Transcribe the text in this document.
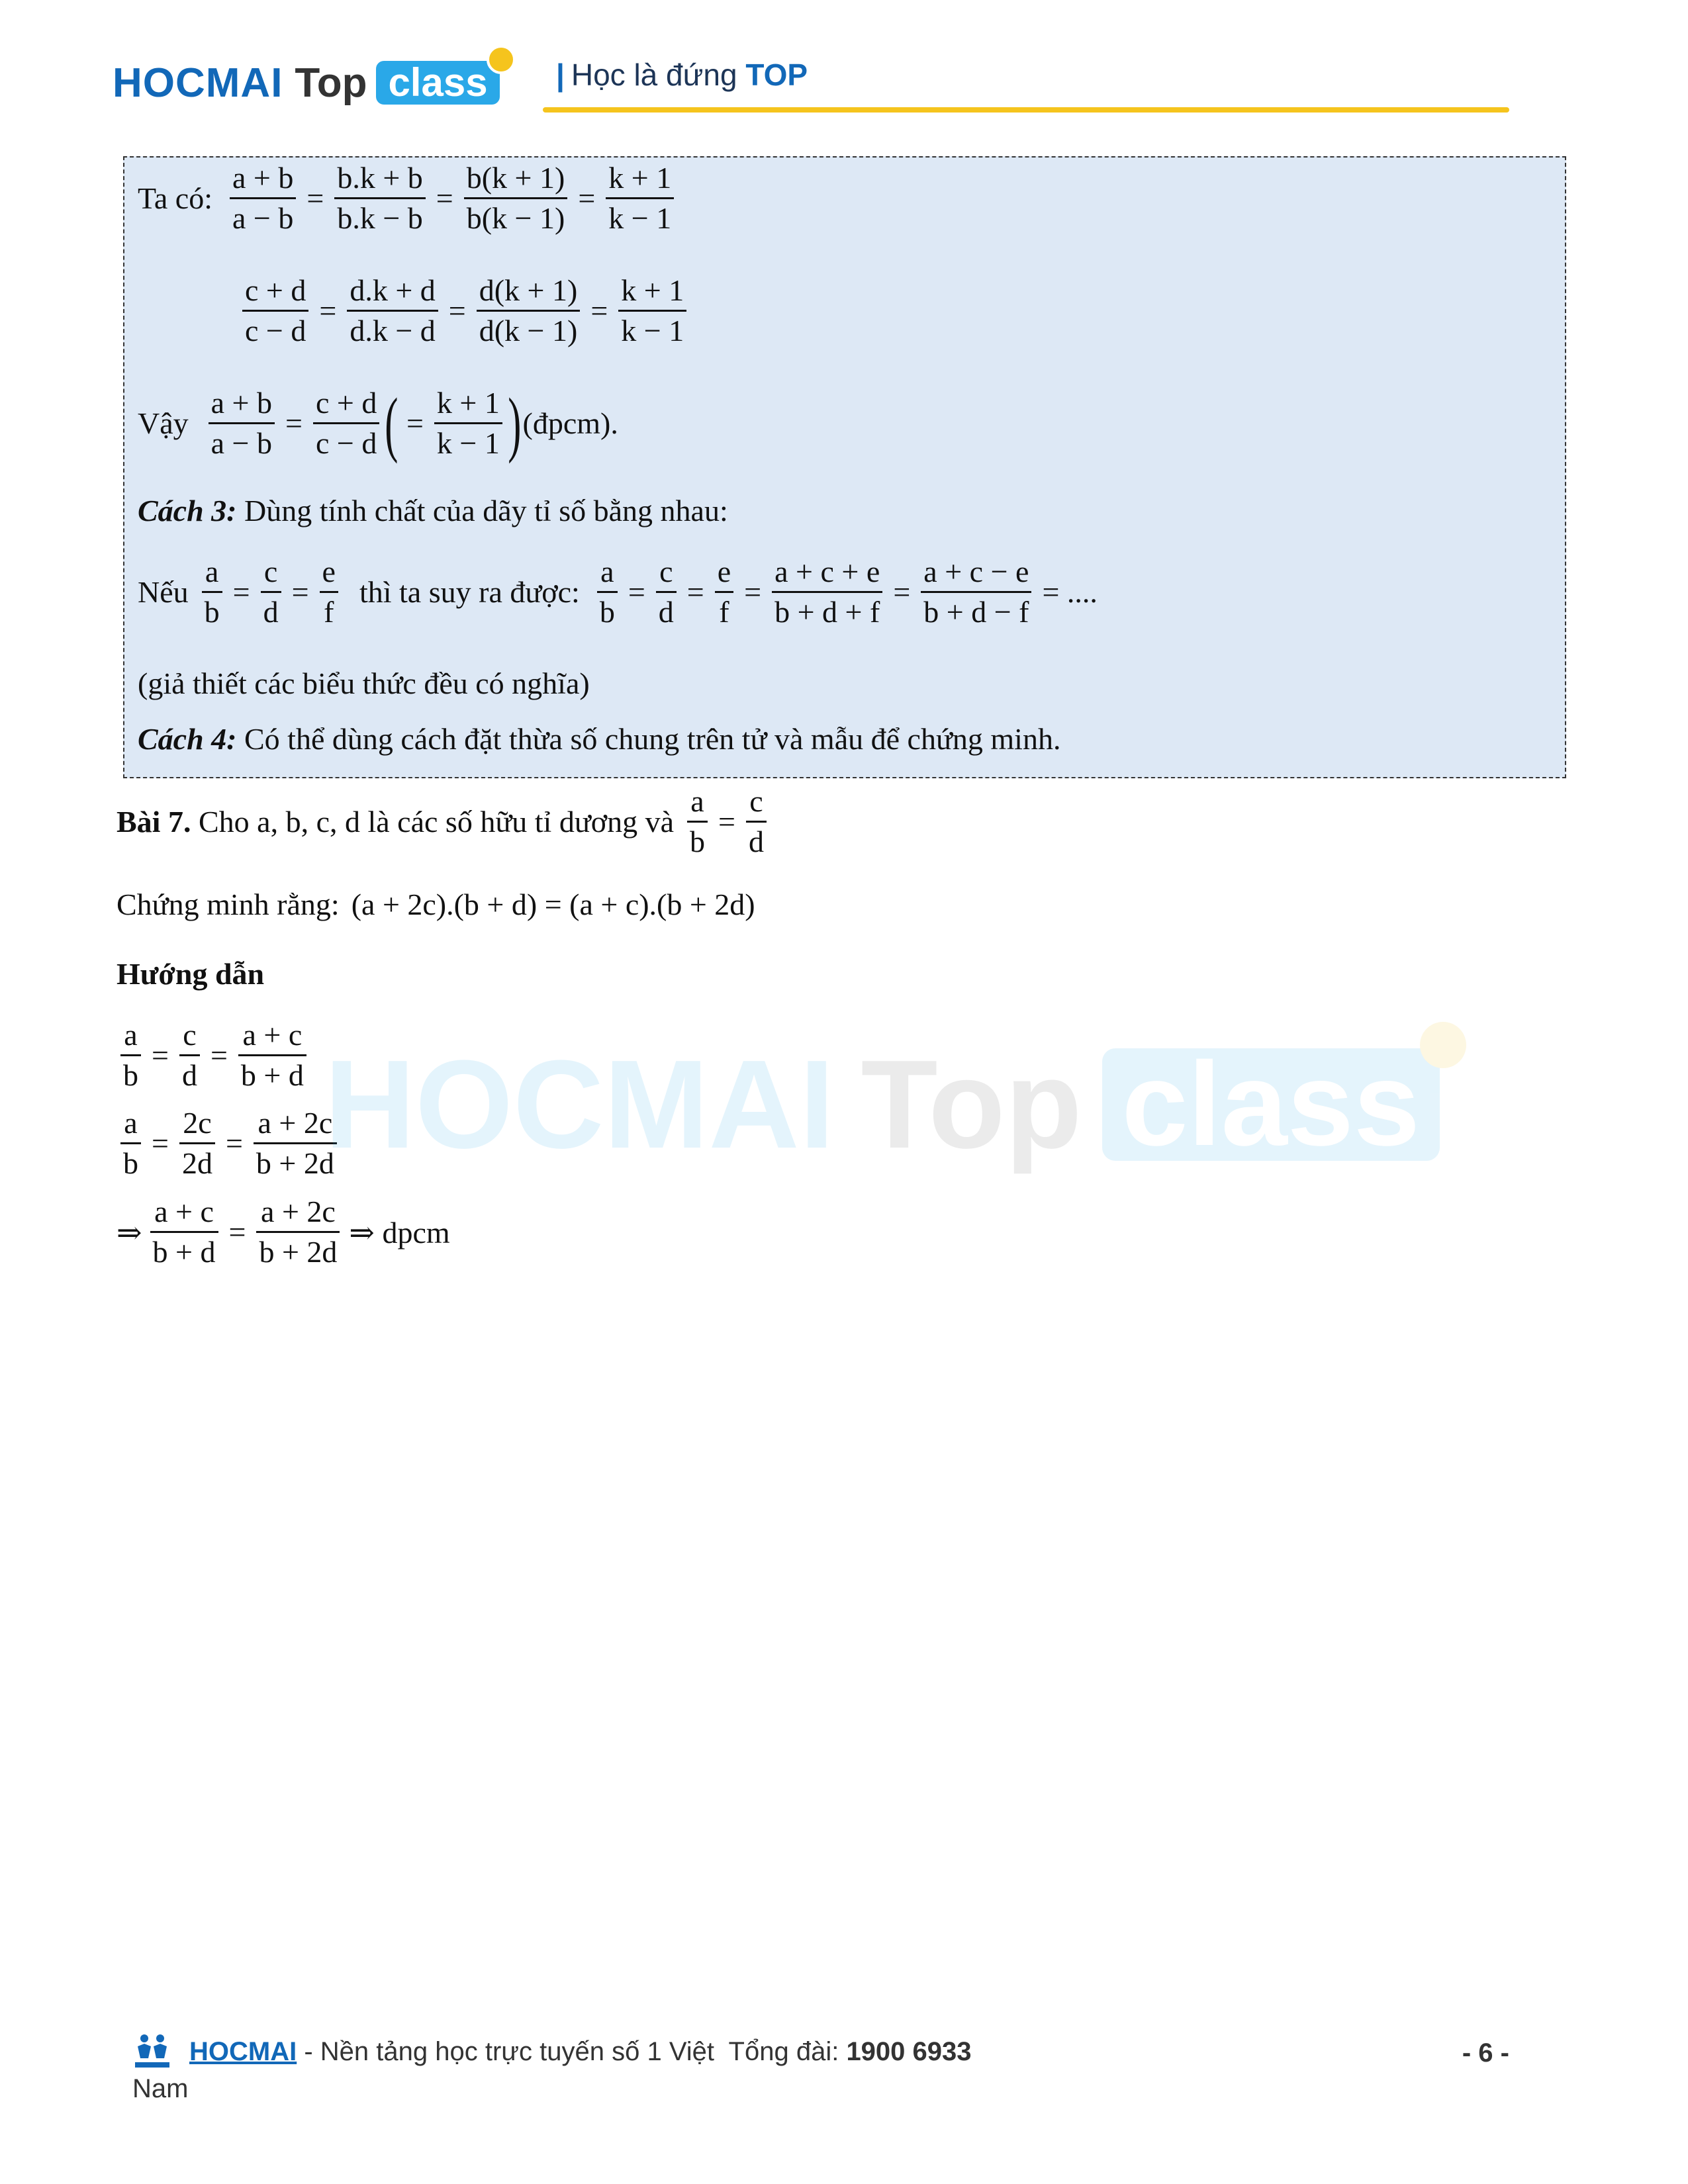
HOCMAI Top class	| Học là đứng TOP
Ta có: $\frac{a + b}{a - b} = \frac{b.k + b}{b.k - b} = \frac{b(k + 1)}{b(k - 1)} = \frac{k + 1}{k - 1}$
$\frac{c + d}{c - d} = \frac{d.k + d}{d.k - d} = \frac{d(k + 1)}{d(k - 1)} = \frac{k + 1}{k - 1}$
Vậy $\frac{a + b}{a - b} = \frac{c + d}{c - d}$ ( = $\frac{k + 1}{k - 1}$ ) (đpcm).
Cách 3: Dùng tính chất của dãy tỉ số bằng nhau:
Nếu $\frac{a}{b} = \frac{c}{d} = \frac{e}{f}$ thì ta suy ra được: $\frac{a}{b} = \frac{c}{d} = \frac{e}{f} = \frac{a + c + e}{b + d + f} = \frac{a + c - e}{b + d - f}$ = ....
(giả thiết các biểu thức đều có nghĩa)
Cách 4: Có thể dùng cách đặt thừa số chung trên tử và mẫu để chứng minh.
Bài 7. Cho a, b, c, d là các số hữu tỉ dương và $\frac{a}{b} = \frac{c}{d}$
Chứng minh rằng: (a + 2c).(b + d) = (a + c).(b + 2d)
Hướng dẫn
$\frac{a}{b} = \frac{c}{d} = \frac{a + c}{b + d}$
$\frac{a}{b} = \frac{2c}{2d} = \frac{a + 2c}{b + 2d}$
⇒ $\frac{a + c}{b + d} = \frac{a + 2c}{b + 2d}$ ⇒ dpcm
HOCMAI Top class
HOCMAI - Nền tảng học trực tuyến số 1 Việt  Tổng đài: 1900 6933	- 6 -
Nam
